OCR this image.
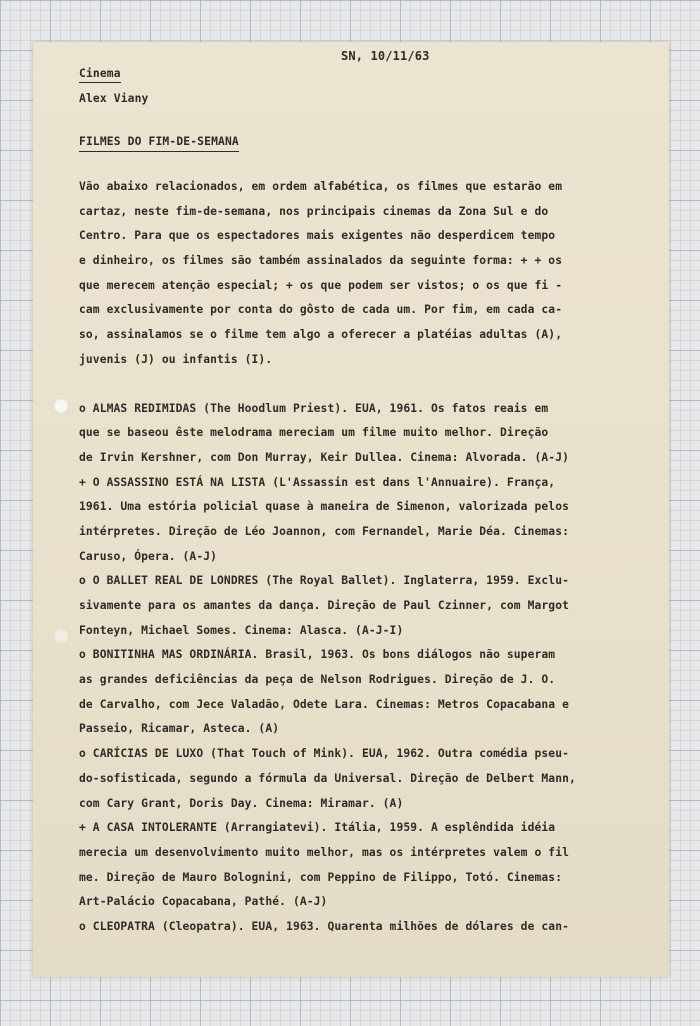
SN, 10/11/63
Cinema
Alex Viany
FILMES DO FIM-DE-SEMANA
Vão abaixo relacionados, em ordem alfabética, os filmes que estarão em
cartaz, neste fim-de-semana, nos principais cinemas da Zona Sul e do
Centro. Para que os espectadores mais exigentes não desperdicem tempo
e dinheiro, os filmes são também assinalados da seguinte forma: + + os
que merecem atenção especial; + os que podem ser vistos; o os que fi -
cam exclusivamente por conta do gôsto de cada um. Por fim, em cada ca-
so, assinalamos se o filme tem algo a oferecer a platéias adultas (A),
juvenis (J) ou infantis (I).
o ALMAS REDIMIDAS (The Hoodlum Priest). EUA, 1961. Os fatos reais em
que se baseou êste melodrama mereciam um filme muito melhor. Direção
de Irvin Kershner, com Don Murray, Keir Dullea. Cinema: Alvorada. (A-J)
+ O ASSASSINO ESTÁ NA LISTA (L'Assassin est dans l'Annuaire). França,
1961. Uma estória policial quase à maneira de Simenon, valorizada pelos
intérpretes. Direção de Léo Joannon, com Fernandel, Marie Déa. Cinemas:
Caruso, Ópera. (A-J)
o O BALLET REAL DE LONDRES (The Royal Ballet). Inglaterra, 1959. Exclu-
sivamente para os amantes da dança. Direção de Paul Czinner, com Margot
Fonteyn, Michael Somes. Cinema: Alasca. (A-J-I)
o BONITINHA MAS ORDINÁRIA. Brasil, 1963. Os bons diálogos não superam
as grandes deficiências da peça de Nelson Rodrigues. Direção de J. O.
de Carvalho, com Jece Valadão, Odete Lara. Cinemas: Metros Copacabana e
Passeio, Ricamar, Asteca. (A)
o CARÍCIAS DE LUXO (That Touch of Mink). EUA, 1962. Outra comédia pseu-
do-sofisticada, segundo a fórmula da Universal. Direção de Delbert Mann,
com Cary Grant, Doris Day. Cinema: Miramar. (A)
+ A CASA INTOLERANTE (Arrangiatevi). Itália, 1959. A esplêndida idéia
merecia um desenvolvimento muito melhor, mas os intérpretes valem o fil
me. Direção de Mauro Bolognini, com Peppino de Filippo, Totó. Cinemas:
Art-Palácio Copacabana, Pathé. (A-J)
o CLEOPATRA (Cleopatra). EUA, 1963. Quarenta milhões de dólares de can-
